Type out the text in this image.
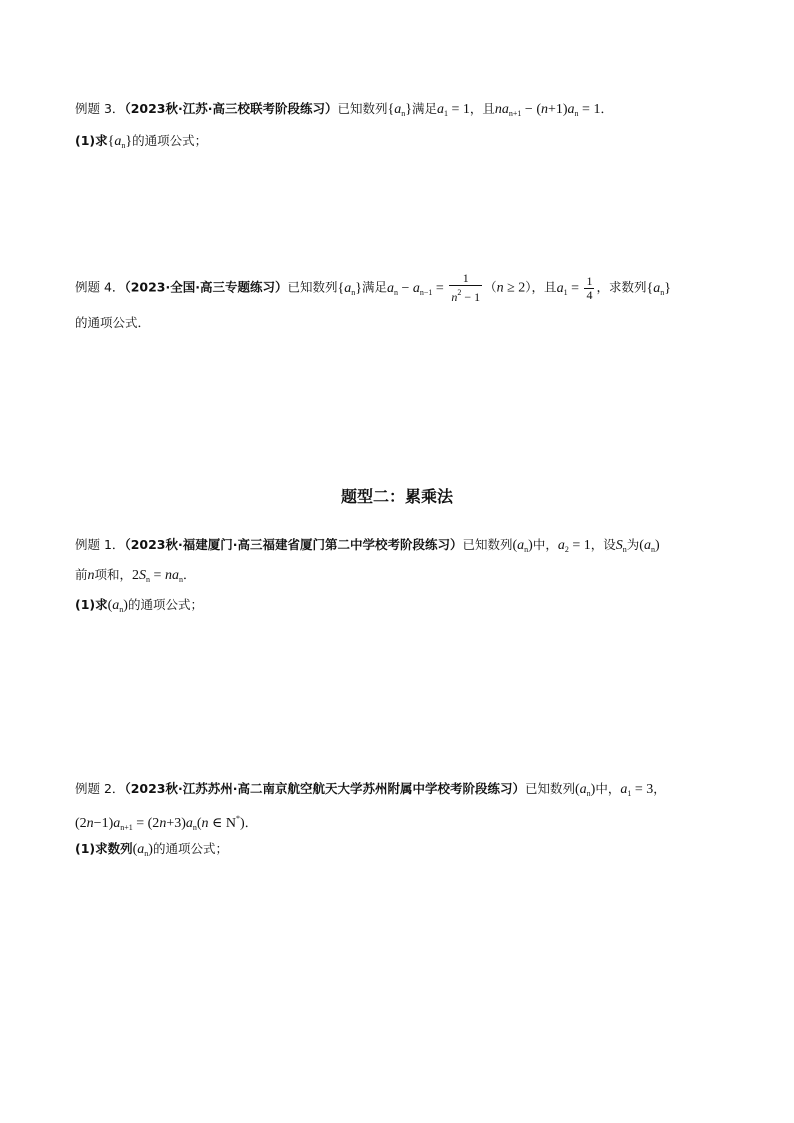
例题 3．（2023秋·江苏·高三校联考阶段练习）已知数列$\{a_n\}$满足$a_1 = 1$，且$na_{n+1} - (n+1)a_n = 1$．
(1)求$\{a_n\}$的通项公式；
例题 4．（2023·全国·高三专题练习）已知数列$\{a_n\}$满足$a_n - a_{n-1} = \frac{1}{n^2 - 1} (n \ge 2)$，且$a_1 = \frac{1}{4}$ ，求数列$\{a_n\}$
的通项公式．
题型二：累乘法
例题 1．（2023秋·福建厦门·高三福建省厦门第二中学校考阶段练习）已知数列$(a_n)$中，$a_2 = 1$，设$S_n$为$(a_n)$
前n项和，$2S_n = na_n$．
(1)求$(a_n)$的通项公式；
例题 2．（2023秋·江苏苏州·高二南京航空航天大学苏州附属中学校考阶段练习）已知数列$(a_n)$中，$a_1 = 3$，
$(2n-1)a_{n+1} = (2n+3)a_n(n$ ∈ N*)．
(1)求数列$(a_n)$的通项公式；
